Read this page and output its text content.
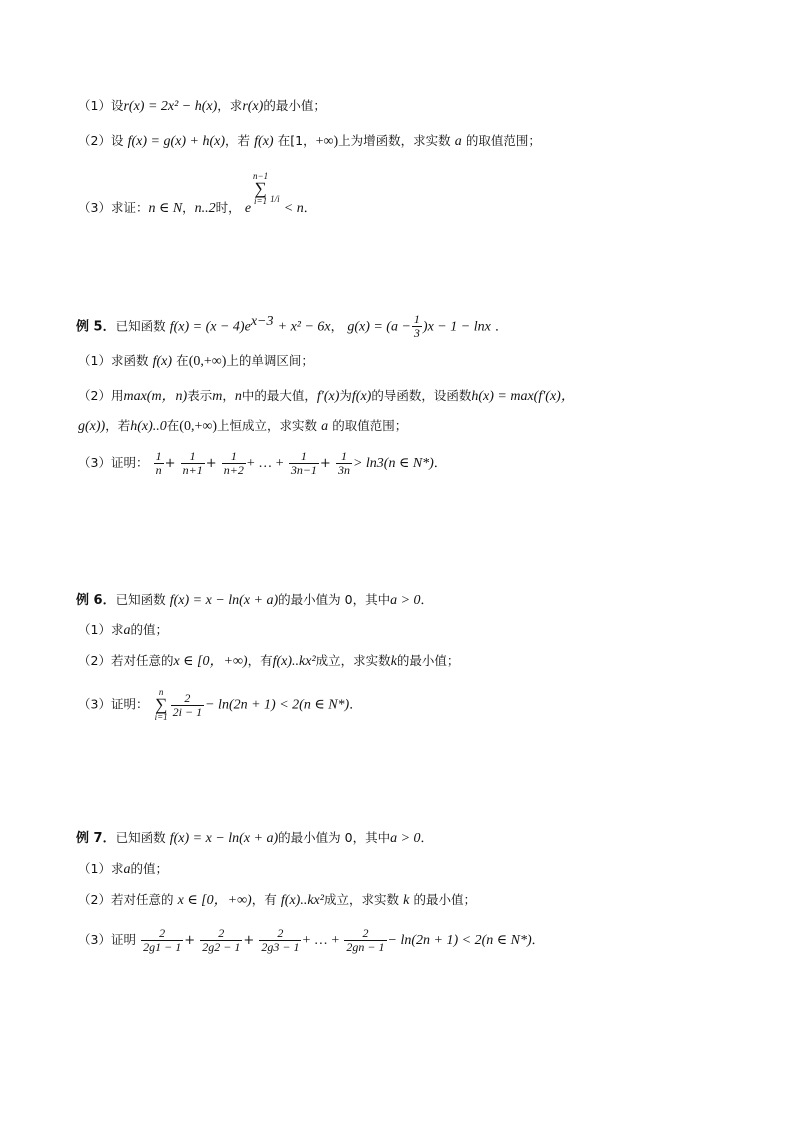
（1）设r(x) = 2x² − h(x)，求r(x)的最小值；
（2）设 f(x) = g(x) + h(x)，若 f(x) 在[1，+∞)上为增函数，求实数 a 的取值范围；
（3）求证：n ∈ N，n..2时， en−1
∑
i=1 $^{1/i}$ < n．
例 5．已知函数 $f(x) = (x - 4)e^{x-3} + x^2 - 6x$， $g(x) = (a - \frac{1}{3} )x - 1 - \ln x$ ．
（1）求函数 f(x) 在(0,+∞)上的单调区间；
（2）用max(m，n)表示m，n中的最大值，f′(x)为f(x)的导函数，设函数h(x) = max(f′(x)，
g(x))，若h(x)..0在(0,+∞)上恒成立，求实数 a 的取值范围；
（3）证明： $\frac{1}{n} + \frac{1}{n+1} + \frac{1}{n+2}$ + … + $\frac{1}{3n-1} + \frac{1}{3n} > \ln 3(n$ ∈ N*)．
例 6．已知函数 f(x) = x − ln(x + a)的最小值为 0，其中a > 0．
（1）求a的值；
（2）若对任意的x ∈ [0，+∞)，有f(x)..kx²成立，求实数k的最小值；
（3）证明： n
∑
$i=1 \frac{2}{2i - 1} - \ln(2n + 1) < 2(n$ ∈ N*)．
例 7．已知函数 f(x) = x − ln(x + a)的最小值为 0，其中a > 0．
（1）求a的值；
（2）若对任意的 x ∈ [0，+∞)，有 f(x)..kx²成立，求实数 k 的最小值；
（3）证明 $\frac{2}{2g1 - 1} + \frac{2}{2g2 - 1} + \frac{2}{2g3 - 1}$ + … + $\frac{2}{2gn - 1} - \ln(2n + 1) < 2(n$ ∈ N*)．
